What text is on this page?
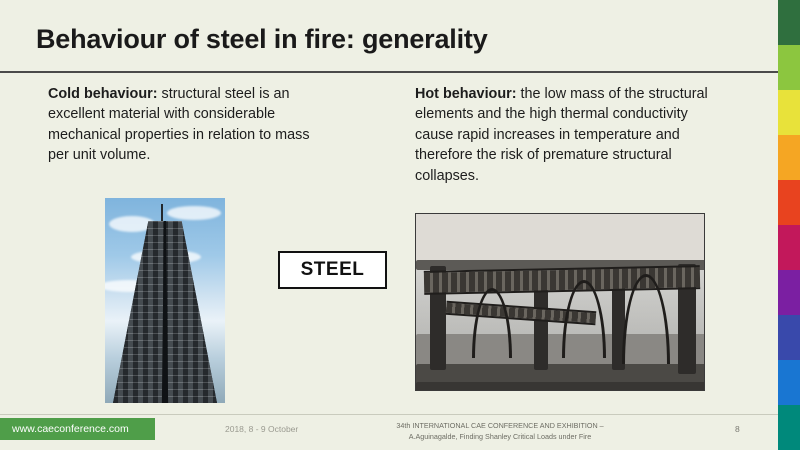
Behaviour of steel in fire: generality

Cold behaviour: structural steel is an excellent material with considerable mechanical properties in relation to mass per unit volume.

Hot behaviour: the low mass of the structural elements and the high thermal conductivity cause rapid increases in temperature and therefore the risk of premature structural collapses.

STEEL
www.caeconference.com	2018, 8 - 9 October	34th INTERNATIONAL CAE CONFERENCE AND EXHIBITION –
A.Aguinagalde, Finding Shanley Critical Loads under Fire
8
